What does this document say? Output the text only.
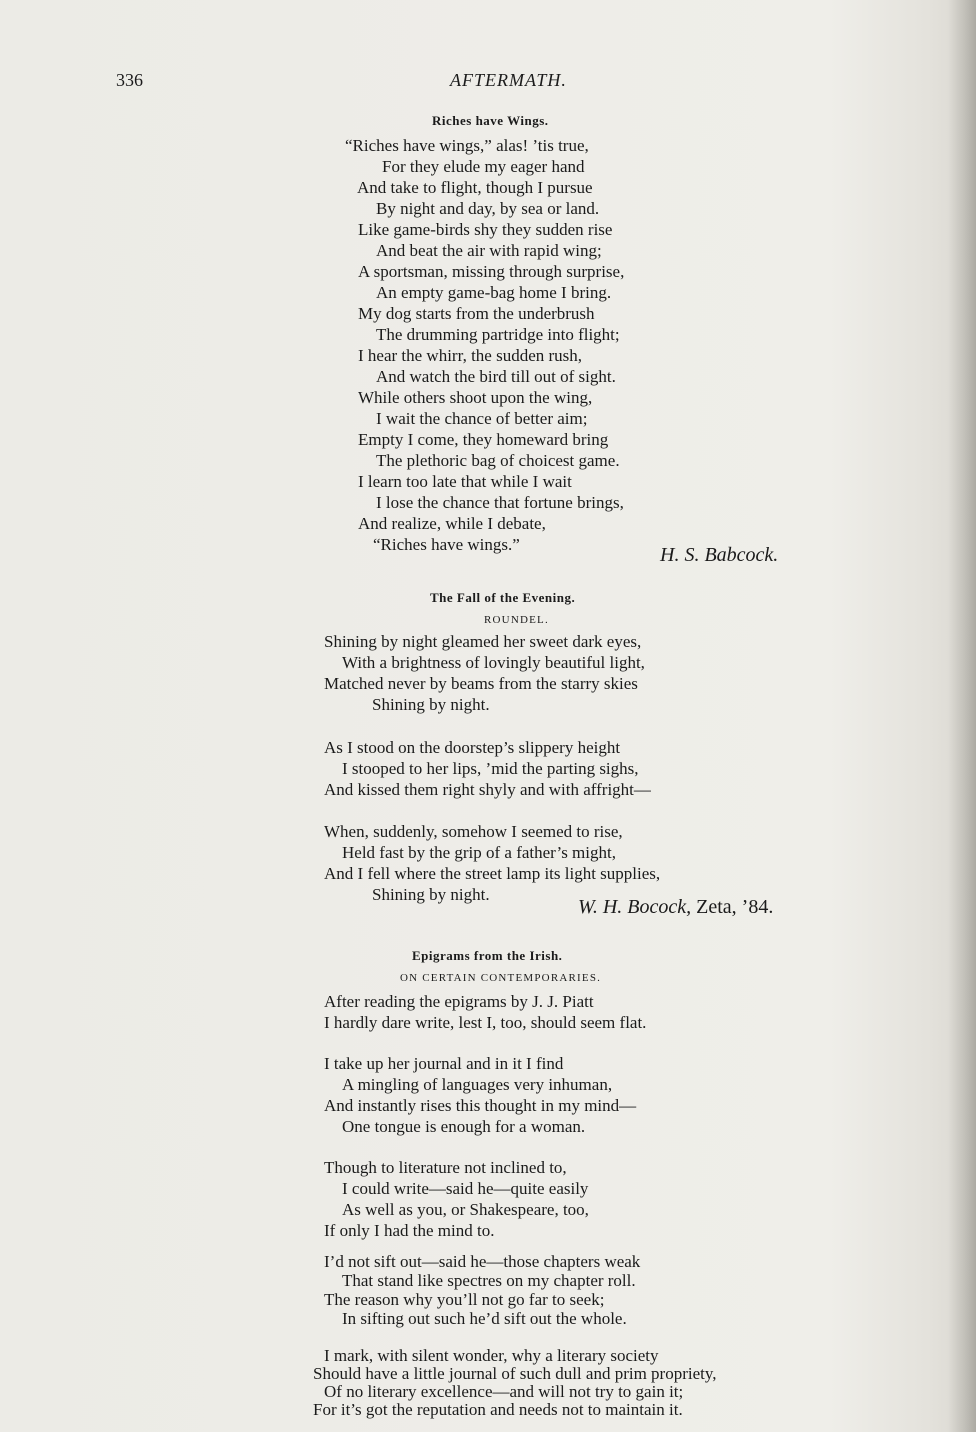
336	AFTERMATH.
Riches have Wings.
“Riches have wings,” alas! ’tis true,
For they elude my eager hand
And take to flight, though I pursue
By night and day, by sea or land.
Like game-birds shy they sudden rise
And beat the air with rapid wing;
A sportsman, missing through surprise,
An empty game-bag home I bring.
My dog starts from the underbrush
The drumming partridge into flight;
I hear the whirr, the sudden rush,
And watch the bird till out of sight.
While others shoot upon the wing,
I wait the chance of better aim;
Empty I come, they homeward bring
The plethoric bag of choicest game.
I learn too late that while I wait
I lose the chance that fortune brings,
And realize, while I debate,
“Riches have wings.”	H. S. Babcock.
The Fall of the Evening.
ROUNDEL.
Shining by night gleamed her sweet dark eyes,
With a brightness of lovingly beautiful light,
Matched never by beams from the starry skies
Shining by night.
As I stood on the doorstep’s slippery height
I stooped to her lips, ’mid the parting sighs,
And kissed them right shyly and with affright—
When, suddenly, somehow I seemed to rise,
Held fast by the grip of a father’s might,
And I fell where the street lamp its light supplies,
Shining by night.
W. H. Bocock, Zeta, ’84.
Epigrams from the Irish.
ON CERTAIN CONTEMPORARIES.
After reading the epigrams by J. J. Piatt
I hardly dare write, lest I, too, should seem flat.
I take up her journal and in it I find
A mingling of languages very inhuman,
And instantly rises this thought in my mind—
One tongue is enough for a woman.
Though to literature not inclined to,
I could write—said he—quite easily
As well as you, or Shakespeare, too,
If only I had the mind to.
I’d not sift out—said he—those chapters weak
That stand like spectres on my chapter roll.
The reason why you’ll not go far to seek;
In sifting out such he’d sift out the whole.
I mark, with silent wonder, why a literary society
Should have a little journal of such dull and prim propriety,
Of no literary excellence—and will not try to gain it;
For it’s got the reputation and needs not to maintain it.
